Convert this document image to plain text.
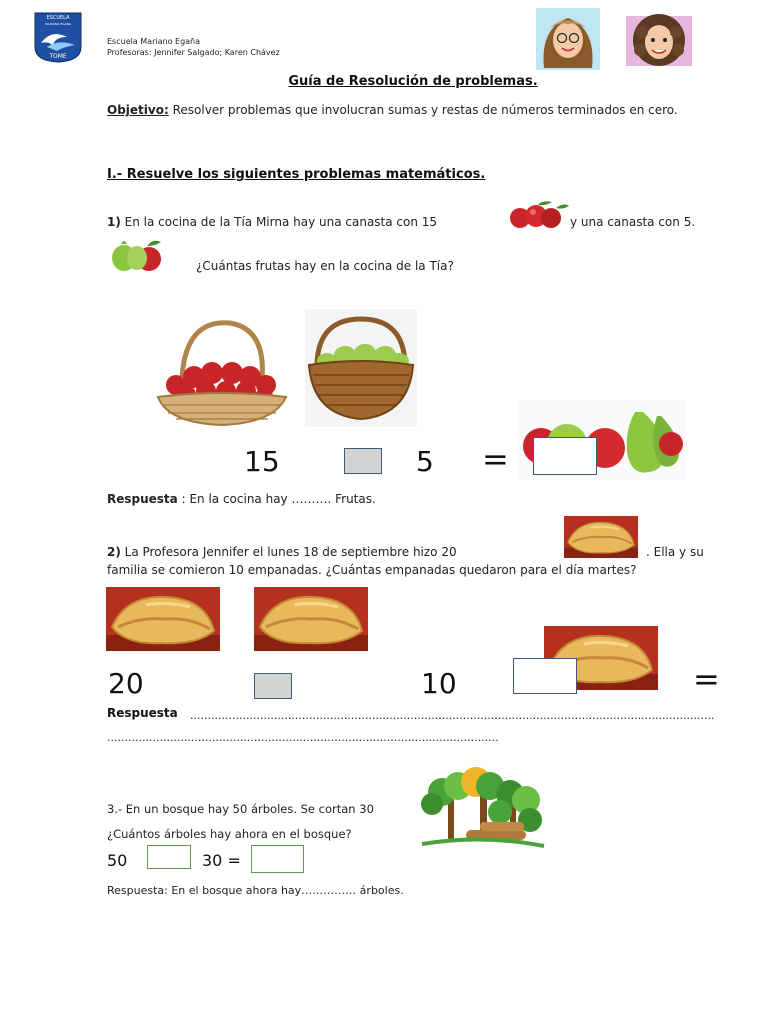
ESCUELA
MARIANO EGAÑA
TOME
Escuela Mariano Egaña
Profesoras: Jennifer Salgado; Karen Chávez
Guía de Resolución de problemas.
Objetivo: Resolver problemas que involucran sumas y restas de números terminados en cero.
I.- Resuelve los siguientes problemas matemáticos.
1) En la cocina de la Tía Mirna hay una canasta con 15	y una canasta con 5.
¿Cuántas frutas hay en la cocina de la Tía?
15	5 =
Respuesta : En la cocina hay ………. Frutas.
2) La Profesora Jennifer el lunes 18 de septiembre hizo 20	. Ella y su
familia se comieron 10 empanadas. ¿Cuántas empanadas quedaron para el día martes?
20	10	=
Respuesta ......................................................................................................................................................
................................................................................................................
3.- En un bosque hay 50 árboles. Se cortan 30
¿Cuántos árboles hay ahora en el bosque?
50	30 =
Respuesta: En el bosque ahora hay…………… árboles.
